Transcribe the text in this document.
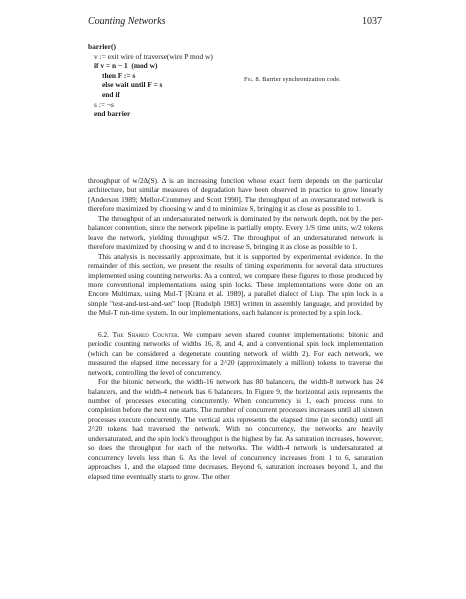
Counting Networks	1037
barrier()
v := exit wire of traverse(wire P mod w)
if v = n − 1  (mod w)
then F := s
else wait until F = s
end if
s := ¬s
end barrier
Fig. 8. Barrier synchronization code.

throughput of w/2Δ(S). Δ is an increasing function whose exact form depends on the particular architecture, but similar measures of degradation have been observed in practice to grow linearly [Anderson 1989; Mellor-Crummey and Scott 1990]. The throughput of an oversaturated network is therefore maximized by choosing w and d to minimize S, bringing it as close as possible to 1.

The throughput of an undersaturated network is dominated by the network depth, not by the per-balancer contention, since the network pipeline is partially empty. Every 1/S time units, w/2 tokens leave the network, yielding throughput wS/2. The throughput of an undersaturated network is therefore maximized by choosing w and d to increase S, bringing it as close as possible to 1.

This analysis is necessarily approximate, but it is supported by experimental evidence. In the remainder of this section, we present the results of timing experiments for several data structures implemented using counting networks. As a control, we compare these figures to those produced by more conventional implementations using spin locks. These implementations were done on an Encore Multimax, using Mul-T [Kranz et al. 1989], a parallel dialect of Lisp. The spin lock is a simple "test-and-test-and-set" loop [Rudolph 1983] written in assembly language, and provided by the Mul-T run-time system. In our implementations, each balancer is protected by a spin lock.

6.2. The Shared Counter. We compare seven shared counter implementations: bitonic and periodic counting networks of widths 16, 8, and 4, and a conventional spin lock implementation (which can be considered a degenerate counting network of width 2). For each network, we measured the elapsed time necessary for a 2^20 (approximately a million) tokens to traverse the network, controlling the level of concurrency.

For the bitonic network, the width-16 network has 80 balancers, the width-8 network has 24 balancers, and the width-4 network has 6 balancers. In Figure 9, the horizontal axis represents the number of processes executing concurrently. When concurrency is 1, each process runs to completion before the next one starts. The number of concurrent processes increases until all sixteen processes execute concurrently. The vertical axis represents the elapsed time (in seconds) until all 2^20 tokens had traversed the network. With no concurrency, the networks are heavily undersaturated, and the spin lock's throughput is the highest by far. As saturation increases, however, so does the throughput for each of the networks. The width-4 network is undersaturated at concurrency levels less than 6. As the level of concurrency increases from 1 to 6, saturation approaches 1, and the elapsed time decreases. Beyond 6, saturation increases beyond 1, and the elapsed time eventually starts to grow. The other
